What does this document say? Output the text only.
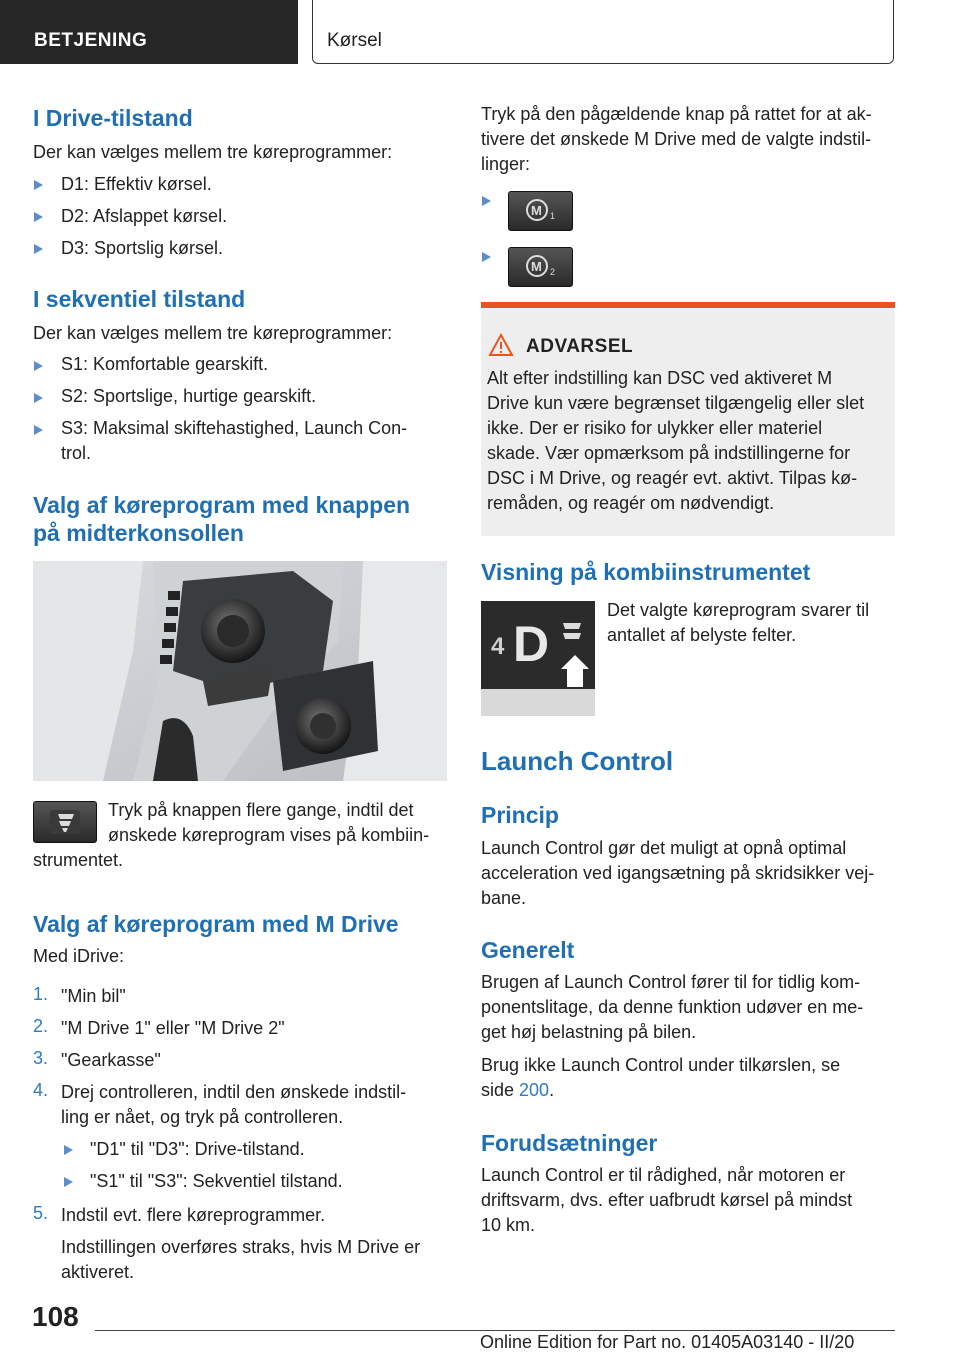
BETJENING	Kørsel
I Drive-tilstand
Der kan vælges mellem tre køreprogrammer:
D1: Effektiv kørsel.
D2: Afslappet kørsel.
D3: Sportslig kørsel.
I sekventiel tilstand
Der kan vælges mellem tre køreprogrammer:
S1: Komfortable gearskift.
S2: Sportslige, hurtige gearskift.
S3: Maksimal skiftehastighed, Launch Con-
trol.
Valg af køreprogram med knappen
på midterkonsollen
Tryk på knappen flere gange, indtil det
ønskede køreprogram vises på kombiin-
strumentet.
Valg af køreprogram med M Drive
Med iDrive:
1. "Min bil"
2. "M Drive 1" eller "M Drive 2"
3. "Gearkasse"
4. Drej controlleren, indtil den ønskede indstil-
ling er nået, og tryk på controlleren.
"D1" til "D3": Drive-tilstand.
"S1" til "S3": Sekventiel tilstand.
5. Indstil evt. flere køreprogrammer.
Indstillingen overføres straks, hvis M Drive er
aktiveret.
Tryk på den pågældende knap på rattet for at ak-
tivere det ønskede M Drive med de valgte indstil-
linger:
M 1
M 2
ADVARSEL
Alt efter indstilling kan DSC ved aktiveret M
Drive kun være begrænset tilgængelig eller slet
ikke. Der er risiko for ulykker eller materiel
skade. Vær opmærksom på indstillingerne for
DSC i M Drive, og reagér evt. aktivt. Tilpas kø-
remåden, og reagér om nødvendigt.
Visning på kombiinstrumentet
4 D
Det valgte køreprogram svarer til
antallet af belyste felter.
Launch Control
Princip
Launch Control gør det muligt at opnå optimal
acceleration ved igangsætning på skridsikker vej-
bane.
Generelt
Brugen af Launch Control fører til for tidlig kom-
ponentslitage, da denne funktion udøver en me-
get høj belastning på bilen.
Brug ikke Launch Control under tilkørslen, se
side 200.
Forudsætninger
Launch Control er til rådighed, når motoren er
driftsvarm, dvs. efter uafbrudt kørsel på mindst
10 km.
108
Online Edition for Part no. 01405A03140 - II/20
